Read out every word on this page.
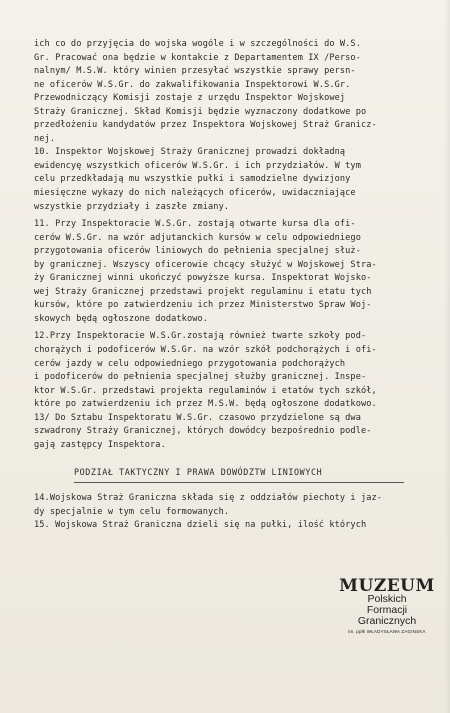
ich co do przyjęcia do wojska wogóle i w szczególności do W.S.
Gr. Pracować ona będzie w kontakcie z Departamentem IX /Perso-
nalnym/ M.S.W. który winien przesyłać wszystkie sprawy persn-
ne oficerów W.S.Gr. do zakwalifikowania Inspektorowi W.S.Gr.
Przewodniczący Komisji zostaje z urzędu Inspektor Wojskowej
Straży Granicznej. Skład Komisji będzie wyznaczony dodatkowe po
przedłożeniu kandydatów przez Inspektora Wojskowej Straż Granicz-
nej.
10. Inspektor Wojskowej Straży Granicznej prowadzi dokładną
ewidencyę wszystkich oficerów W.S.Gr. i ich przydziałów. W tym
celu przedkładają mu wszystkie pułki i samodzielne dywizjony
miesięczne wykazy do nich należących oficerów, uwidaczniające
wszystkie przydziały i zaszłe zmiany.
11. Przy Inspektoracie W.S.Gr. zostają otwarte kursa dla ofi-
cerów W.S.Gr. na wzór adjutanckich kursów w celu odpowiedniego
przygotowania oficerów liniowych do pełnienia specjalnej służ-
by granicznej. Wszyscy oficerowie chcący służyć w Wojskowej Stra-
ży Granicznej winni ukończyć powyższe kursa. Inspektorat Wojsko-
wej Straży Granicznej przedstawi projekt regulaminu i etatu tych
kursów, które po zatwierdzeniu ich przez Ministerstwo Spraw Woj-
skowych będą ogłoszone dodatkowo.
12.Przy Inspektoracie W.S.Gr.zostają również twarte szkoły pod-
chorążych i podoficerów W.S.Gr. na wzór szkół podchorążych i ofi-
cerów jazdy w celu odpowiedniego przygotowania podchorążych
i podoficerów do pełnienia specjalnej służby granicznej. Inspe-
ktor W.S.Gr. przedstawi projekta regulaminów i etatów tych szkół,
które po zatwierdzeniu ich przez M.S.W. będą ogłoszone dodatkowo.
13/ Do Sztabu Inspektoratu W.S.Gr. czasowo przydzielone są dwa
szwadrony Straży Granicznej, których dowódcy bezpośrednio podle-
gają zastępcy Inspektora.
PODZIAŁ TAKTYCZNY I PRAWA DOWÓDZTW LINIOWYCH
14.Wojskowa Straż Graniczna składa się z oddziałów piechoty i jaz-
dy specjalnie w tym celu formowanych.
15. Wojskowa Straż Graniczna dzieli się na pułki, ilość których
MUZEUM
Polskich
Formacji
Granicznych
im. ppłk WŁADYSŁAWA ZAGINSKA
